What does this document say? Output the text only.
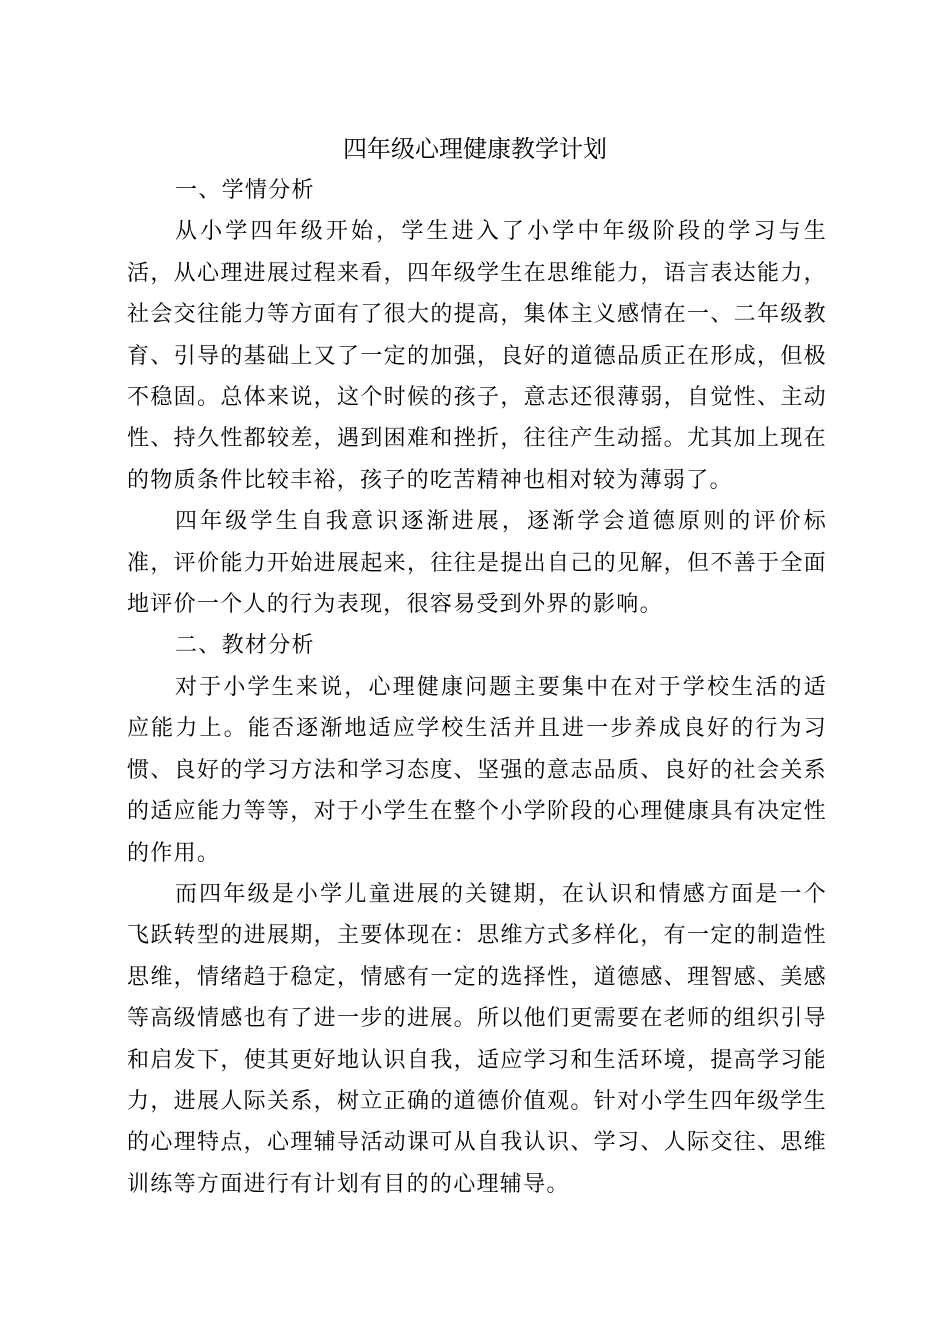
四年级心理健康教学计划
一、学情分析

从小学四年级开始，学生进入了小学中年级阶段的学习与生活，从心理进展过程来看，四年级学生在思维能力，语言表达能力，社会交往能力等方面有了很大的提高，集体主义感情在一、二年级教育、引导的基础上又了一定的加强，良好的道德品质正在形成，但极不稳固。总体来说，这个时候的孩子，意志还很薄弱，自觉性、主动性、持久性都较差，遇到困难和挫折，往往产生动摇。尤其加上现在的物质条件比较丰裕，孩子的吃苦精神也相对较为薄弱了。

四年级学生自我意识逐渐进展，逐渐学会道德原则的评价标准，评价能力开始进展起来，往往是提出自己的见解，但不善于全面地评价一个人的行为表现，很容易受到外界的影响。

二、教材分析

对于小学生来说，心理健康问题主要集中在对于学校生活的适应能力上。能否逐渐地适应学校生活并且进一步养成良好的行为习惯、良好的学习方法和学习态度、坚强的意志品质、良好的社会关系的适应能力等等，对于小学生在整个小学阶段的心理健康具有决定性的作用。

而四年级是小学儿童进展的关键期，在认识和情感方面是一个飞跃转型的进展期，主要体现在：思维方式多样化，有一定的制造性思维，情绪趋于稳定，情感有一定的选择性，道德感、理智感、美感等高级情感也有了进一步的进展。所以他们更需要在老师的组织引导和启发下，使其更好地认识自我，适应学习和生活环境，提高学习能力，进展人际关系，树立正确的道德价值观。针对小学生四年级学生的心理特点，心理辅导活动课可从自我认识、学习、人际交往、思维训练等方面进行有计划有目的的心理辅导。
